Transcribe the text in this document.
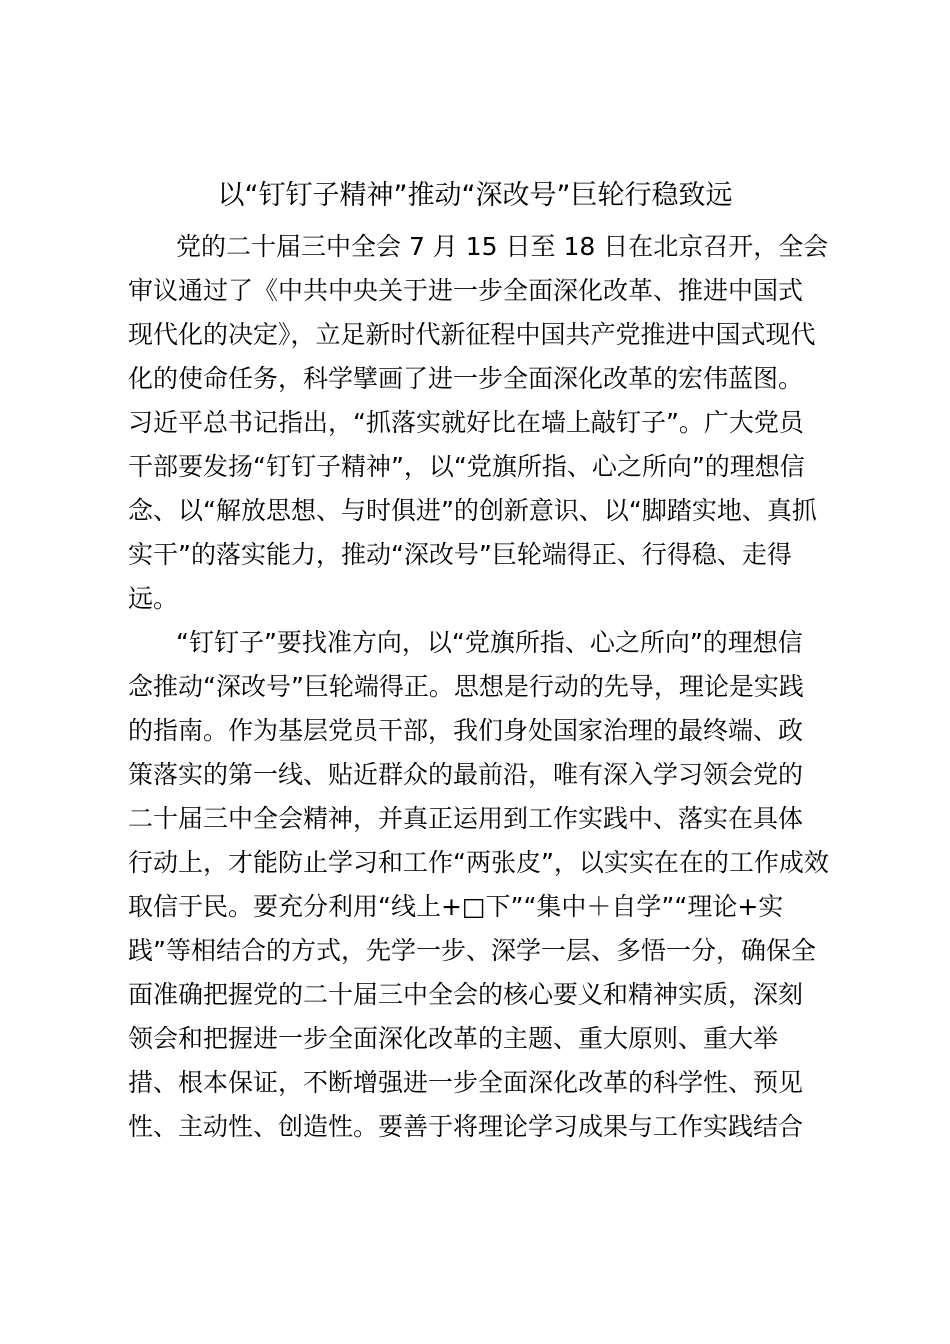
以“钉钉子精神”推动“深改号”巨轮行稳致远
党的二十届三中全会 7 月 15 日至 18 日在北京召开，全会
审议通过了《中共中央关于进一步全面深化改革、推进中国式
现代化的决定》，立足新时代新征程中国共产党推进中国式现代
化的使命任务，科学擘画了进一步全面深化改革的宏伟蓝图。
习近平总书记指出，“抓落实就好比在墙上敲钉子”。广大党员
干部要发扬“钉钉子精神”，以“党旗所指、心之所向”的理想信
念、以“解放思想、与时俱进”的创新意识、以“脚踏实地、真抓
实干”的落实能力，推动“深改号”巨轮端得正、行得稳、走得
远。
“钉钉子”要找准方向，以“党旗所指、心之所向”的理想信
念推动“深改号”巨轮端得正。思想是行动的先导，理论是实践
的指南。作为基层党员干部，我们身处国家治理的最终端、政
策落实的第一线、贴近群众的最前沿，唯有深入学习领会党的
二十届三中全会精神，并真正运用到工作实践中、落实在具体
行动上，才能防止学习和工作“两张皮”，以实实在在的工作成效
取信于民。要充分利用“线上+□下”“集中＋自学”“理论+实
践”等相结合的方式，先学一步、深学一层、多悟一分，确保全
面准确把握党的二十届三中全会的核心要义和精神实质，深刻
领会和把握进一步全面深化改革的主题、重大原则、重大举
措、根本保证，不断增强进一步全面深化改革的科学性、预见
性、主动性、创造性。要善于将理论学习成果与工作实践结合
